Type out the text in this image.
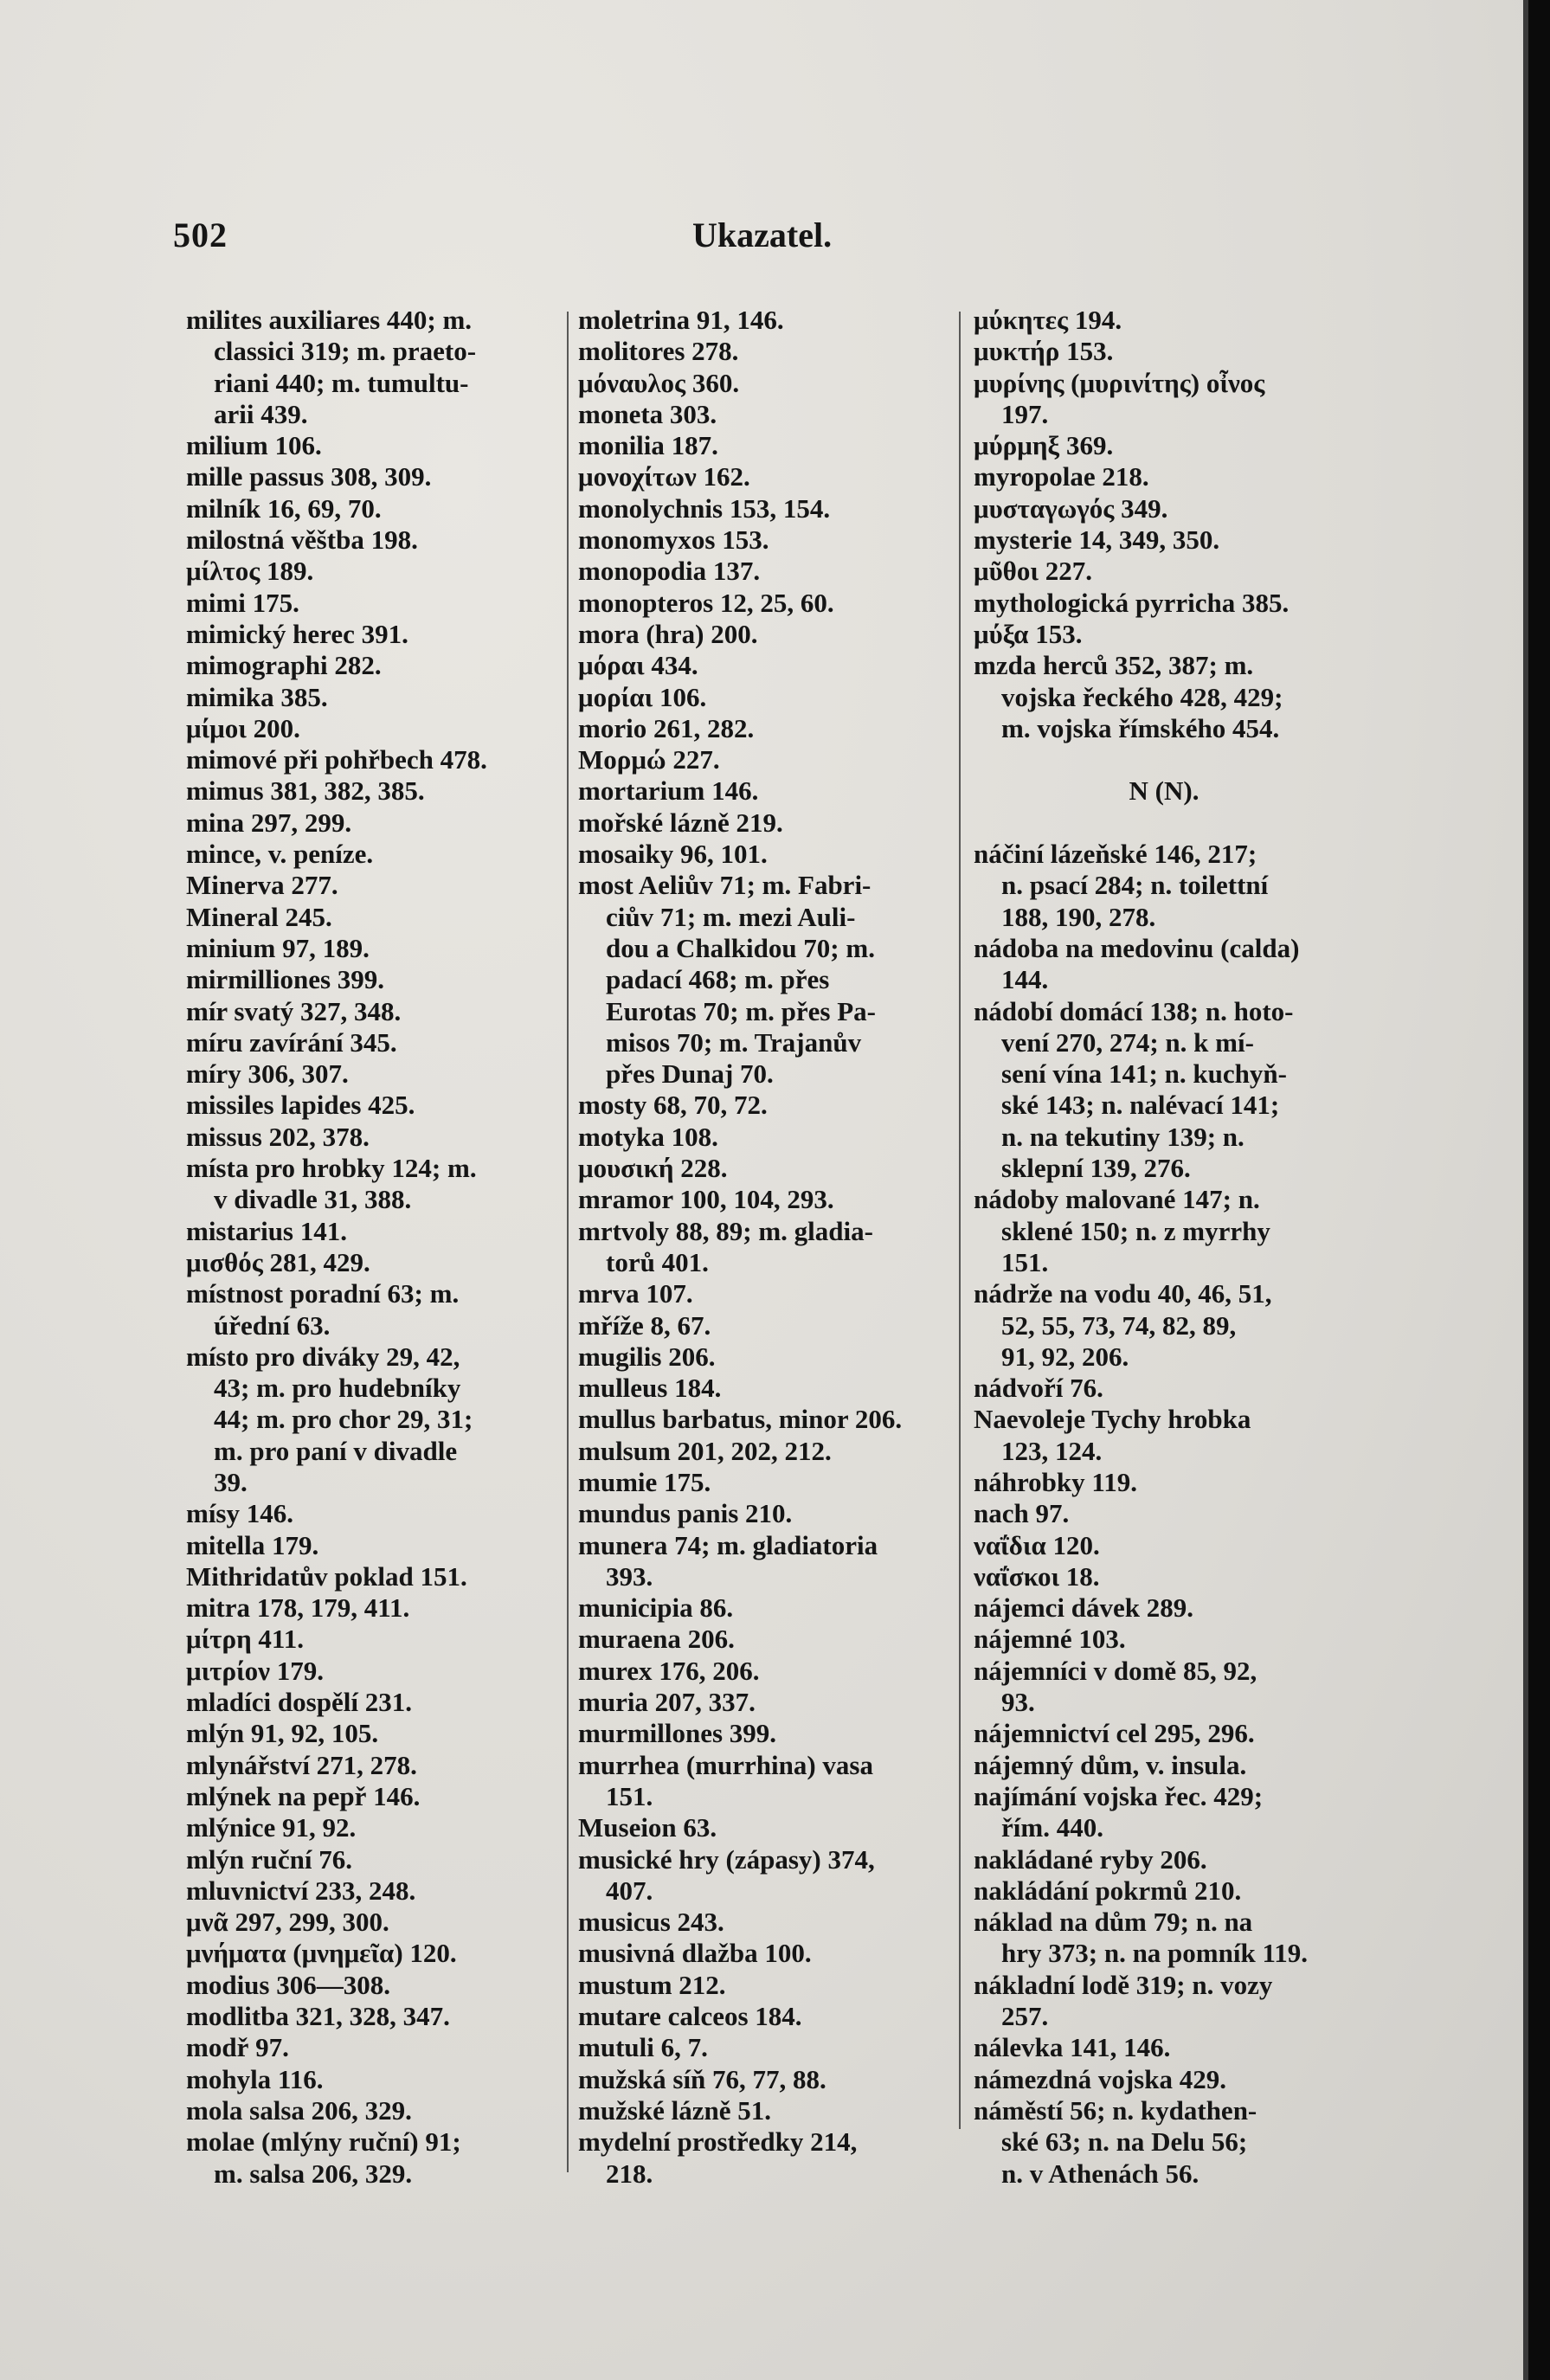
502	Ukazatel.
milites auxiliares 440; m.
classici 319; m. praeto-
riani 440; m. tumultu-
arii 439.
milium 106.
mille passus 308, 309.
milník 16, 69, 70.
milostná věštba 198.
μίλτος 189.
mimi 175.
mimický herec 391.
mimographi 282.
mimika 385.
μίμοι 200.
mimové při pohřbech 478.
mimus 381, 382, 385.
mina 297, 299.
mince, v. peníze.
Minerva 277.
Mineral 245.
minium 97, 189.
mirmilliones 399.
mír svatý 327, 348.
míru zavírání 345.
míry 306, 307.
missiles lapides 425.
missus 202, 378.
místa pro hrobky 124; m.
v divadle 31, 388.
mistarius 141.
μισθός 281, 429.
místnost poradní 63; m.
úřední 63.
místo pro diváky 29, 42,
43; m. pro hudebníky
44; m. pro chor 29, 31;
m. pro paní v divadle
39.
mísy 146.
mitella 179.
Mithridatův poklad 151.
mitra 178, 179, 411.
μίτρη 411.
μιτρίον 179.
mladíci dospělí 231.
mlýn 91, 92, 105.
mlynářství 271, 278.
mlýnek na pepř 146.
mlýnice 91, 92.
mlýn ruční 76.
mluvnictví 233, 248.
μνᾶ 297, 299, 300.
μνήματα (μνημεῖα) 120.
modius 306—308.
modlitba 321, 328, 347.
modř 97.
mohyla 116.
mola salsa 206, 329.
molae (mlýny ruční) 91;
m. salsa 206, 329.
moletrina 91, 146.
molitores 278.
μόναυλος 360.
moneta 303.
monilia 187.
μονοχίτων 162.
monolychnis 153, 154.
monomyxos 153.
monopodia 137.
monopteros 12, 25, 60.
mora (hra) 200.
μόραι 434.
μορίαι 106.
morio 261, 282.
Μορμώ 227.
mortarium 146.
mořské lázně 219.
mosaiky 96, 101.
most Aeliův 71; m. Fabri-
ciův 71; m. mezi Auli-
dou a Chalkidou 70; m.
padací 468; m. přes
Eurotas 70; m. přes Pa-
misos 70; m. Trajanův
přes Dunaj 70.
mosty 68, 70, 72.
motyka 108.
μουσική 228.
mramor 100, 104, 293.
mrtvoly 88, 89; m. gladia-
torů 401.
mrva 107.
mříže 8, 67.
mugilis 206.
mulleus 184.
mullus barbatus, minor 206.
mulsum 201, 202, 212.
mumie 175.
mundus panis 210.
munera 74; m. gladiatoria
393.
municipia 86.
muraena 206.
murex 176, 206.
muria 207, 337.
murmillones 399.
murrhea (murrhina) vasa
151.
Museion 63.
musické hry (zápasy) 374,
407.
musicus 243.
musivná dlažba 100.
mustum 212.
mutare calceos 184.
mutuli 6, 7.
mužská síň 76, 77, 88.
mužské lázně 51.
mydelní prostředky 214,
218.
μύκητες 194.
μυκτήρ 153.
μυρίνης (μυρινίτης) οἶνος
197.
μύρμηξ 369.
myropolae 218.
μυσταγωγός 349.
mysterie 14, 349, 350.
μῦθοι 227.
mythologická pyrricha 385.
μύξα 153.
mzda herců 352, 387; m.
vojska řeckého 428, 429;
m. vojska římského 454.
N (N).
náčiní lázeňské 146, 217;
n. psací 284; n. toilettní
188, 190, 278.
nádoba na medovinu (calda)
144.
nádobí domácí 138; n. hoto-
vení 270, 274; n. k mí-
sení vína 141; n. kuchyň-
ské 143; n. nalévací 141;
n. na tekutiny 139; n.
sklepní 139, 276.
nádoby malované 147; n.
sklené 150; n. z myrrhy
151.
nádrže na vodu 40, 46, 51,
52, 55, 73, 74, 82, 89,
91, 92, 206.
nádvoří 76.
Naevoleje Tychy hrobka
123, 124.
náhrobky 119.
nach 97.
ναΐδια 120.
ναΐσκοι 18.
nájemci dávek 289.
nájemné 103.
nájemníci v domě 85, 92,
93.
nájemnictví cel 295, 296.
nájemný dům, v. insula.
najímání vojska řec. 429;
řím. 440.
nakládané ryby 206.
nakládání pokrmů 210.
náklad na dům 79; n. na
hry 373; n. na pomník 119.
nákladní lodě 319; n. vozy
257.
nálevka 141, 146.
námezdná vojska 429.
náměstí 56; n. kydathen-
ské 63; n. na Delu 56;
n. v Athenách 56.
